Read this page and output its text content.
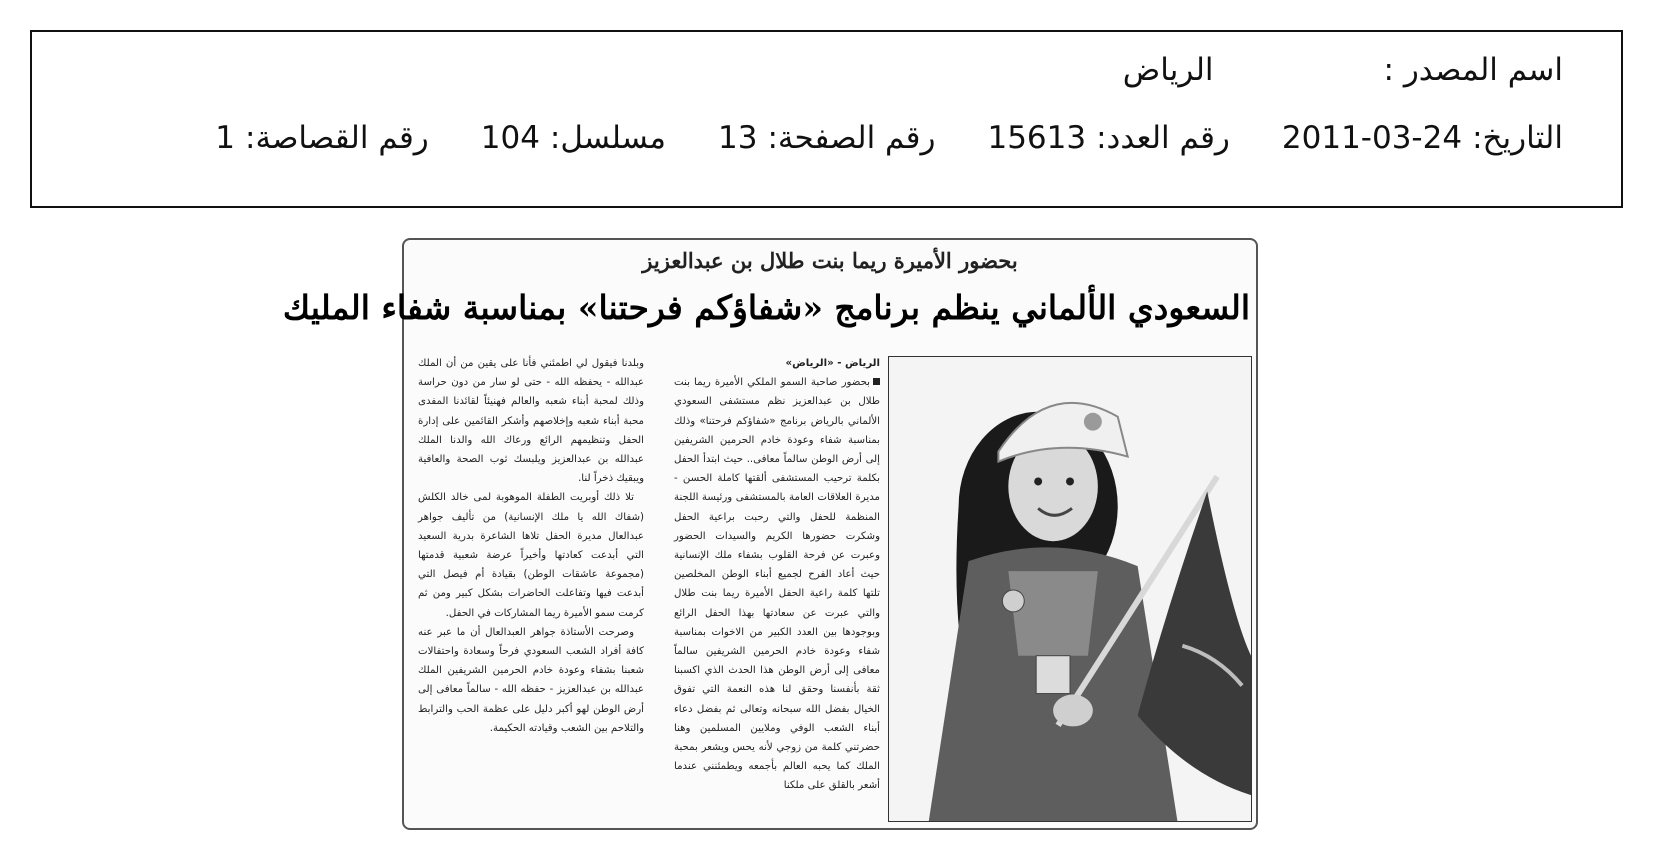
اسم المصدر :
الرياض
التاريخ:
2011-03-24
رقم العدد:
15613
رقم الصفحة:
13
مسلسل:
104
رقم القصاصة:
1
بحضور الأميرة ريما بنت طلال بن عبدالعزيز
السعودي الألماني ينظم برنامج «شفاؤكم فرحتنا» بمناسبة شفاء المليك
الرياض - «الرياض»
بحضور صاحبة السمو الملكي الأميرة ريما بنت طلال بن عبدالعزيز نظم مستشفى السعودي الألماني بالرياض برنامج «شفاؤكم فرحتنا» وذلك بمناسبة شفاء وعودة خادم الحرمين الشريفين إلى أرض الوطن سالماً معافى.. حيث ابتدأ الحفل بكلمة ترحيب المستشفى ألقتها كاملة الحسن - مديرة العلاقات العامة بالمستشفى ورئيسة اللجنة المنظمة للحفل والتي رحبت براعية الحفل وشكرت حضورها الكريم والسيدات الحضور وعبرت عن فرحة القلوب بشفاء ملك الإنسانية حيث أعاد الفرح لجميع أبناء الوطن المخلصين تلتها كلمة راعية الحفل الأميرة ريما بنت طلال والتي عبرت عن سعادتها بهذا الحفل الرائع وبوجودها بين العدد الكبير من الاخوات بمناسبة شفاء وعودة خادم الحرمين الشريفين سالماً معافى إلى أرض الوطن هذا الحدث الذي اكسبنا ثقة بأنفسنا وحقق لنا هذه النعمة التي تفوق الخيال بفضل الله سبحانه وتعالى ثم بفضل دعاء أبناء الشعب الوفي وملايين المسلمين وهنا حضرتني كلمة من زوجي لأنه يحس ويشعر بمحبة الملك كما يحبه العالم بأجمعه ويطمئنني عندما أشعر بالقلق على ملكنا

وبلدنا فيقول لي اطمئني فأنا على يقين من أن الملك عبدالله - يحفظه الله - حتى لو سار من دون حراسة وذلك لمحبة أبناء شعبه والعالم فهنيئاً لقائدنا المفدى محبة أبناء شعبه وإخلاصهم وأشكر القائمين على إدارة الحفل وتنظيمهم الرائع ورعاك الله والدنا الملك عبدالله بن عبدالعزيز ويلبسك ثوب الصحة والعافية ويبقيك ذخراً لنا.

تلا ذلك أوبريت الطفلة الموهوبة لمى خالد الكلش (شفاك الله يا ملك الإنسانية) من تأليف جواهر عبدالعال مديرة الحفل تلاها الشاعرة بدرية السعيد التي أبدعت كعادتها وأخيراً عرضة شعبية قدمتها (مجموعة عاشقات الوطن) بقيادة أم فيصل التي أبدعت فيها وتفاعلت الحاضرات بشكل كبير ومن ثم كرمت سمو الأميرة ريما المشاركات في الحفل.

وصرحت الأستاذة جواهر العبدالعال أن ما عبر عنه كافة أفراد الشعب السعودي فرحاً وسعادة واحتفالات شعبنا بشفاء وعودة خادم الحرمين الشريفين الملك عبدالله بن عبدالعزيز - حفظه الله - سالماً معافى إلى أرض الوطن لهو أكبر دليل على عظمة الحب والترابط والتلاحم بين الشعب وقيادته الحكيمة.
